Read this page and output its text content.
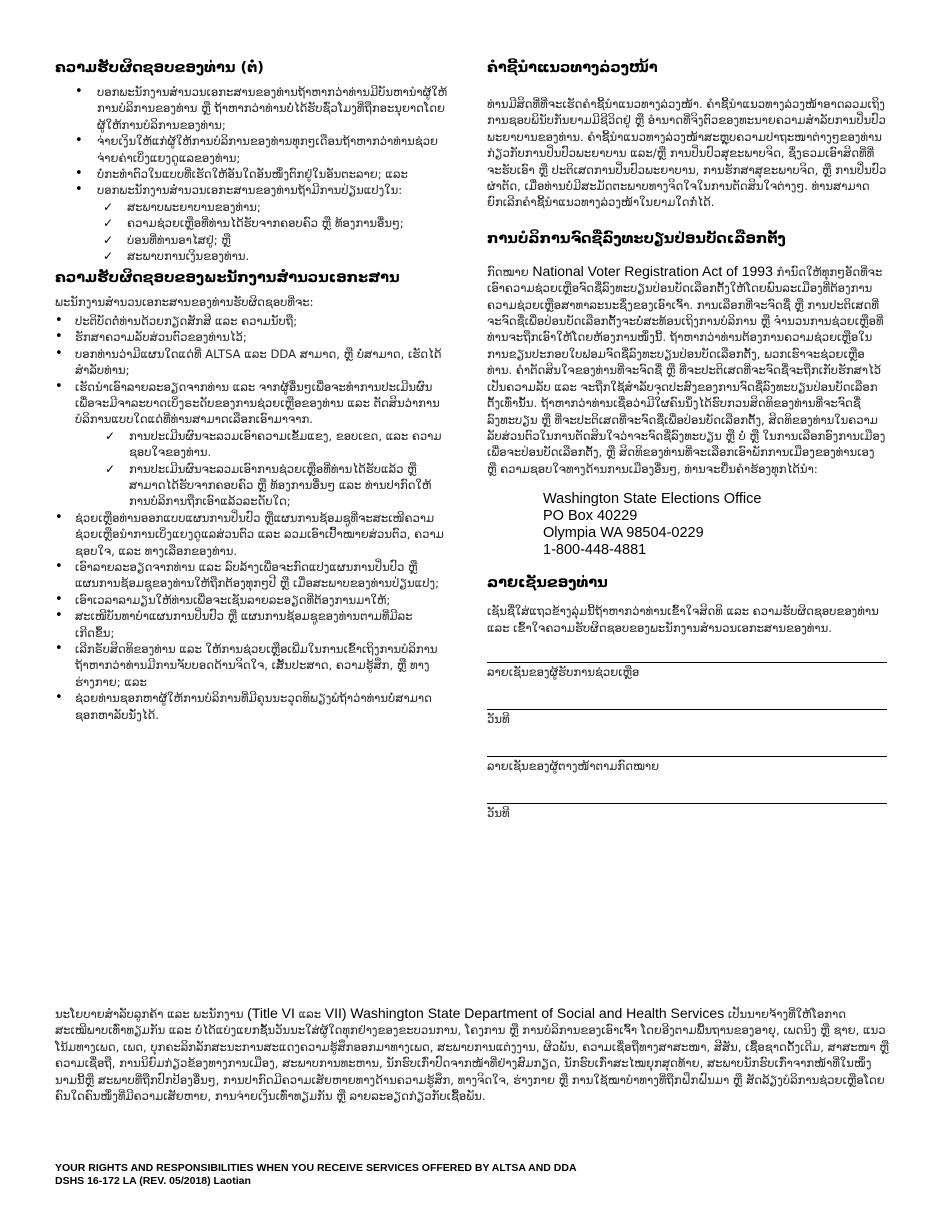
ຄວາມຮັບຜິດຊອບຂອງທ່ານ (ຕໍ່)
• ບອກພະນັກງານສຳນວນເອກະສານຂອງທ່ານຖ້າຫາກວ່າທ່ານມີບັນຫານຳຜູ້ໃຫ້ການບໍລິການຂອງທ່ານ ຫຼື ຖ້າຫາກວ່າທ່ານບໍ່ໄດ້ຮັບຊົ່ວໂມງທີ່ຖືກອະນຸຍາດໂດຍຜູ້ໃຫ້ການບໍລິການຂອງທ່ານ;
• ຈ່າຍເງິນໃຫ້ແກ່ຜູ້ໃຫ້ການບໍລິການຂອງທ່ານທຸກໆເດືອນຖ້າຫາກວ່າທ່ານຊ່ວຍຈ່າຍຄ່າເບິ່ງແຍງດູແລຂອງທ່ານ;
• ບໍ່ກະທຳຕົວໃນແບບທີ່ເຮັດໃຫ້ອັນໃດອັນໜຶ່ງຕົກຢູ່ໃນອັນຕະລາຍ; ແລະ
• ບອກພະນັກງານສຳນວນເອກະສານຂອງທ່ານຖ້າມີການປ່ຽນແປງໃນ:
✓ ສະພາບພະຍາບານຂອງທ່ານ;
✓ ຄວາມຊ່ວຍເຫຼືອທີ່ທ່ານໄດ້ຮັບຈາກຄອບຄົວ ຫຼື ທ້ອງການອື່ນໆ;
✓ ບ່ອນທີ່ທ່ານອາໄສຢູ່; ຫຼື
✓ ສະພາບການເງິນຂອງທ່ານ.
ຄວາມຮັບຜິດຊອບຂອງພະນັກງານສຳນວນເອກະສານ

ພະນັກງານສຳນວນເອກະສານຂອງທ່ານຮັບຜິດຊອບທີ່ຈະ:

• ປະຕິບັດຕໍ່ທ່ານດ້ວຍກຽດສັກສີ ແລະ ຄວາມນັບຖື;
• ຮັກສາຄວາມລັບສ່ວນຕົວຂອງທ່ານໄວ້;
• ບອກທ່ານວ່າມີແຜນໃດແດ່ທີ່ ALTSA ແລະ DDA ສາມາດ, ຫຼື ບໍ່ສາມາດ, ເຮັດໄດ້ສຳລັບທ່ານ;
• ເຮັດນຳເອົາລາຍລະອຽດຈາກທ່ານ ແລະ ຈາກຜູ້ອື່ນໆເພື່ອຈະທຳການປະເມີນຜົນເພື່ອຈະມີຈາລະບາດເບິ່ງຣະດັບຂອງການຊ່ວຍເຫຼືອຂອງທ່ານ ແລະ ຕັດສິນວ່າການບໍລິການແບບໃດແດ່ທີ່ທ່ານສາມາດເລືອກເອົາມາຈາກ.
✓ ການປະເມີນຜົນຈະລວມເອົາຄວາມເຂັ້ມແຂງ, ຂອບເຂດ, ແລະ ຄວາມຊອບໃຈຂອງທ່ານ.
✓ ການປະເມີນຜົນຈະລວມເອົາການຊ່ວຍເຫຼືອທີ່ທ່ານໄດ້ຮັບແລ້ວ ຫຼື ສາມາດໄດ້ຮັບຈາກຄອບຄົວ ຫຼື ທ້ອງການອື່ນໆ ແລະ ທ່ານປາກົດໃຫ້ການບໍລິການຖືກເອົາແລ້ວລະດັບໃດ;
• ຊ່ວຍເຫຼືອທ່ານອອກແບບແຜນການປິ່ນປົວ ຫຼືແຜນການຊ້ອມຊູທີ່ຈະສະເໜີຄວາມຊ່ວຍເຫຼືອນຳການເບິ່ງແຍງດູແລສ່ວນຕົວ ແລະ ລວມເອົາເປົ້າໝາຍສ່ວນຕົວ, ຄວາມຊອບໃຈ, ແລະ ທາງເລືອກຂອງທ່ານ.
• ເອົາລາຍລະອຽດຈາກທ່ານ ແລະ ລົບລ້າງເພື່ອຈະກົດແປງແຜນການປິ່ນປົວ ຫຼື ແຜນການຊ້ອມຊູຂອງທ່ານໃຫ້ຖືກຕ້ອງທຸກໆປີ ຫຼື ເມື່ອສະພາບຂອງທ່ານປ່ຽນແປງ;
• ເອົາເວລາລາມຽນໃຫ້ທ່ານເພື່ອຈະເຊັນລາຍລະອຽດທີ່ຕ້ອງການມາໃຫ້;
• ສະເໜີບັນທາບຳແຜນການປິ່ນປົວ ຫຼື ແຜນການຊ້ອມຊູຂອງທ່ານຕາມທີ່ມີລະເກີດຂຶ້ນ;
• ເລີກຣັບສິດທິຂອງທ່ານ ແລະ ໃຫ້ການຊ່ວຍເຫຼືອເພີ່ມໃນການເຂົ້າເຖິງການບໍລິການຖ້າຫາກວ່າທ່ານມີການຈັບບອດດ້ານຈິດໃຈ, ເສັ້ນປະສາດ, ຄວາມຮູ້ສຶກ, ຫຼື ທາງຮ່າງກາຍ; ແລະ
• ຊ່ວຍທ່ານຊອກຫາຜູ້ໃຫ້ການບໍລິການທີ່ມີຄຸນນະວຸດທິພຽງພໍຖ້າວ່າທ່ານບໍ່ສາມາດຊອກຫາລັບນັ່ງໄດ້.
ຄຳຊີ້ນຳແນວທາງລ່ວງໜ້າ

ທ່ານມີສິດທີ່ທີ່ຈະເຮັດຄຳຊີ້ນຳແນວທາງລ່ວງໜ້າ. ຄຳຊີ້ນຳແນວທາງລ່ວງໜ້າອາດລວມເຖິງການຊອບພິນັບກັນຍາມມີຊີວິດຢູ່ ຫຼື ອຳນາດທີ່ຈິງຕົວຂອງທະນາຍຄວາມສຳລັບການປິ່ນປົວພະຍາບານຂອງທ່ານ. ຄຳຊີ້ນຳແນວທາງລ່ວງໜ້າສະຫຼຸບຄວາມປາຖະໜາຕ່າງໆຂອງທ່ານກ່ຽວກັບການປິ່ນປົວພະຍາບານ ແລະ/ຫຼື ການປິ່ນປົວສຸຂະພາບຈິດ, ຊຶ່ງຣວມເອົາສິດທີ່ທີ່ຈະຮັບເອົາ ຫຼື ປະຕິເສດການປິ່ນປົວພະຍາບານ, ການຮັກສາສຸຂະພາບຈິດ, ຫຼື ການປິ່ນປົວຜ່າຕັດ, ເມື່ອທ່ານບໍ່ມີສະມັດຕະພາບທາງຈິດໃຈໃນການຕັດສິນໃຈຕ່າງໆ. ທ່ານສາມາດຍົກເລີກຄຳຊີ້ນຳແນວທາງລ່ວງໜ້າໃນຍາມໃດກໍ່ໄດ້.

ການບໍລິການຈົດຊື່ລົງທະບຽນປ່ອນບັດເລືອກຕັ້ງ

ກົດໝາຍ National Voter Registration Act of 1993 ກຳນົດໃຫ້ທຸກໆອັດທີ່ຈະເອົາຄວາມຊ່ວຍເຫຼືອຈົດຊື່ລົງທະບຽນປ່ອນບັດເລືອກຕັ້ງໃຫ້ໂດຍພົນລະເມືອງທີ່ຕ້ອງການຄວາມຊ່ວຍເຫຼືອສາທາລະນະຊຶ່ງຂອງເອົາເຈົ້າ. ການເລືອກທີ່ຈະຈົດຊື່ ຫຼື ການປະຕິເສດທີ່ຈະຈົດຊື່ເພື່ອປ່ອນບັດເລືອກຕັ້ງຈະບໍ່ສະທ້ອນເຖິງການບໍລິການ ຫຼື ຈຳນວນການຊ່ວຍເຫຼືອທີ່ທ່ານຈະຖືກເອົາໃຫ້ໂດຍຫ້ອງການໜຶ່ງນີ້. ຖ້າຫາກວ່າທ່ານຕ້ອງການຄວາມຊ່ວຍເຫຼືອໃນການຂຽນປະກອບໃບຟອມຈົດຊື່ລົງທະບຽນປ່ອນບັດເລືອກຕັ້ງ, ພວກເຮົາຈະຊ່ວຍເຫຼືອທ່ານ. ຄຳຕັດສິນໃຈຂອງທ່ານທີ່ຈະຈົດຊື່ ຫຼື ທີ່ຈະປະຕິເສດທີ່ຈະຈົດຊື່ຈະຖືກເກັບຮັກສາໄວ້ເປັນຄວາມລັບ ແລະ ຈະຖືກໃຊ້ສຳລັບຈຸດປະສົງຂອງການຈົດຊື່ລົງທະບຽນປ່ອນບັດເລືອກຕັ້ງເທົ່ານັ້ນ. ຖ້າຫາກວ່າທ່ານເຊື່ອວ່າມີໃຜຄົນນຶ່ງໄດ້ຮົບກວນສິດທິຂອງທ່ານທີ່ຈະຈົດຊື່ລົງທະບຽນ ຫຼື ທີ່ຈະປະຕິເສດທີ່ຈະຈົດຊື່ເພື່ອປ່ອນບັດເລືອກຕັ້ງ, ສິດທິຂອງທ່ານໃນຄວາມລັບສ່ວນຕົວໃນການຕັດສິນໃຈວ່າຈະຈົດຊື່ລົງທະບຽນ ຫຼື ບໍ່ ຫຼື ໃນການເລືອກອົງການເມືອງເພື່ອຈະປ່ອນບັດເລືອກຕັ້ງ, ຫຼື ສິດທິຂອງທ່ານທີ່ຈະເລືອກເອົາພັກການເມືອງຂອງທ່ານເອງ ຫຼື ຄວາມຊອບໃຈທາງດ້ານການເມືອງອື່ນໆ, ທ່ານຈະຍື່ນຄຳຮ້ອງທຸກໄດ້ນຳ:

Washington State Elections Office
PO Box 40229
Olympia WA 98504-0229
1-800-448-4881
ລາຍເຊັນຂອງທ່ານ

ເຊັນຊື່ໃສ່ແຖວຂ້າງລຸ່ມນີ້ຖ້າຫາກວ່າທ່ານເຂົ້າໃຈສິດທິ ແລະ ຄວາມຮັບຜິດຊອບຂອງທ່ານ ແລະ ເຂົ້າໃຈຄວາມຮັບຜິດຊອບຂອງພະນັກງານສຳນວນເອກະສານຂອງທ່ານ.

ລາຍເຊັນຂອງຜູ້ຮັບການຊ່ວຍເຫຼືອ
ວັນທີ
ລາຍເຊັນຂອງຜູ້ຕາງໜ້າຕາມກົດໝາຍ
ວັນທີ

ນະໂຍບາຍສຳລັບລູກຄ້າ ແລະ ພະນັກງານ (Title VI ແລະ VII) Washington State Department of Social and Health Services ເປັນນາຍຈ້າງທີ່ໃຫ້ໂອກາດສະເໝີພາບເທົ່າທຽມກັນ ແລະ ບໍ່ໄດ້ແບ່ງແຍກຊັ້ນວັນນະໃສ່ຜູ້ໃດທຸກຢ່າງຂອງຂະບວນການ, ໂຄງການ ຫຼື ການບໍລິການຂອງເອົາເຈົ້າ ໂດຍອີງຕາມພື້ນຖານຂອງອາຍຸ, ເພດນິງ ຫຼື ຊາຍ, ແນວໂນ້ມທາງເພດ, ເພດ, ບຸກຄະລິກລັກສະນະການສະແດງຄວາມຮູ້ສຶກອອກມາທາງເພດ, ສະພາບການແຕ່ງງານ, ຜິວພັນ, ຄວາມເຊື່ອຖືທາງສາສະໜາ, ສີສັນ, ເຊື້ອຊາດດັ້ງເດີມ, ສາສະໜາ ຫຼື ຄວາມເຊື່ອຖື, ການນິຍົມກ່ຽວຂ້ອງທາງການເມືອງ, ສະພາບການທະຫານ, ນັກຮົບເກົ່າປົດຈາກໜ້າທີ່ຢ່າງສົມກຽດ, ນັກຮົບເກົ່າສະໄໝຍຸກສຸດທ້າຍ, ສະພາບນັກຮົບເກົ່າຈາກໜ້າທີ່ໃນໜຶ່ງນາມນີ້ຫຼື ສະພາບທີ່ຖືກປົກປ້ອງອື່ນໆ, ການປາກົດມີຄວາມເສັຍຫາຍທາງດ້ານຄວາມຮູ້ສຶກ, ທາງຈິດໃຈ, ຮ່າງກາຍ ຫຼື ການໃຊ້ໝາບຳທາງທີ່ຖືກຝຶກຝົນມາ ຫຼື ສັດລ້ຽງບໍລິການຊ່ວຍເຫຼືອໂດຍຄົນໃດຄົນໜຶ່ງທີ່ມີຄວາມເສັຍຫາຍ, ການຈ່າຍເງິນເທົ່າທຽມກັນ ຫຼື ລາຍລະອຽດກ່ຽວກັບເຊື້ອພັນ.

YOUR RIGHTS AND RESPONSIBILITIES WHEN YOU RECEIVE SERVICES OFFERED BY ALTSA AND DDA
DSHS 16-172 LA (REV. 05/2018) Laotian
